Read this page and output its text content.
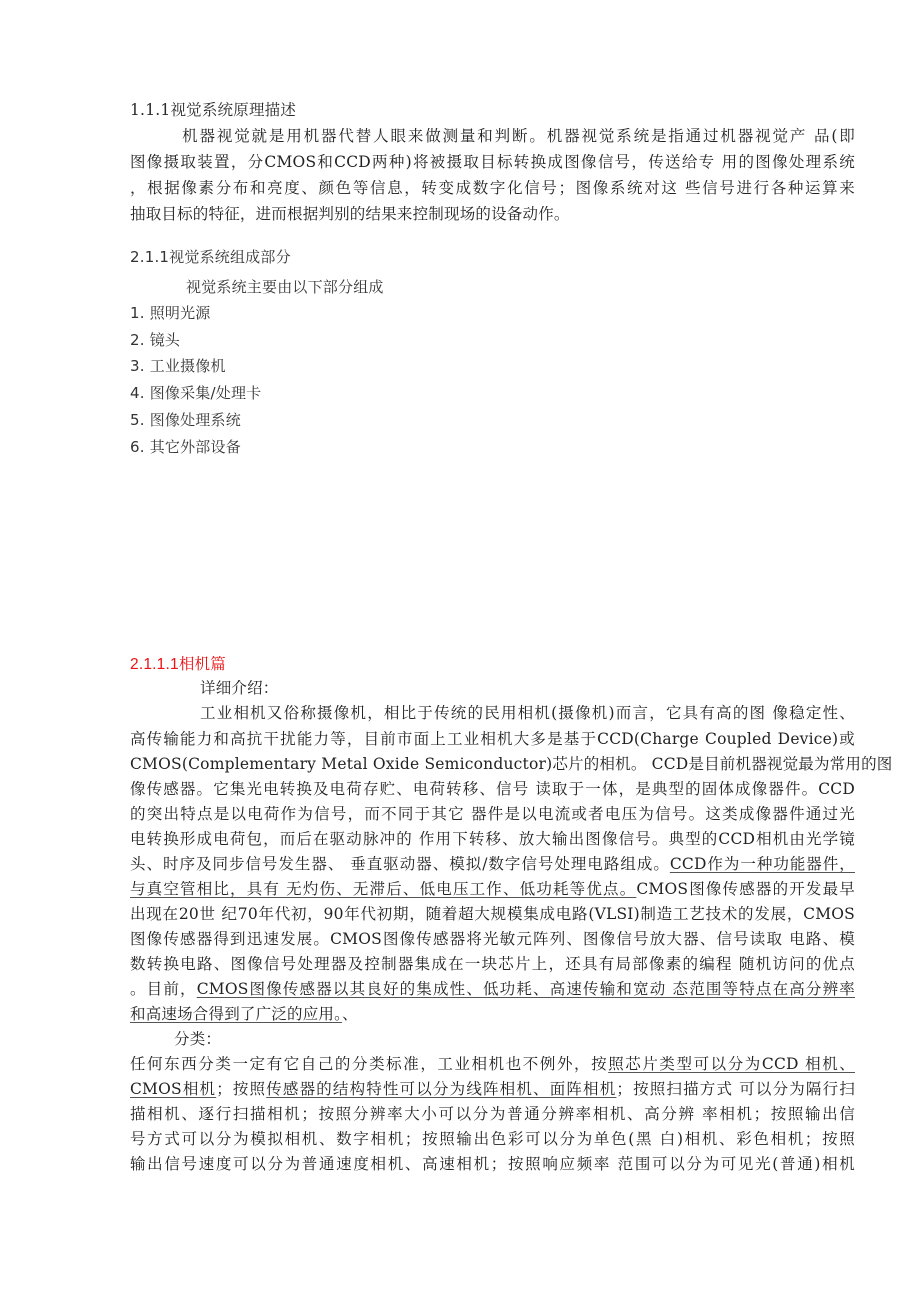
1.1.1视觉系统原理描述
　　　机器视觉就是用机器代替人眼来做测量和判断。机器视觉系统是指通过机器视觉产 品(即
图像摄取装置，分CMOS和CCD两种)将被摄取目标转换成图像信号，传送给专 用的图像处理系统
，根据像素分布和亮度、颜色等信息，转变成数字化信号；图像系统对这 些信号进行各种运算来
抽取目标的特征，进而根据判别的结果来控制现场的设备动作。
2.1.1视觉系统组成部分
视觉系统主要由以下部分组成
1. 照明光源
2. 镜头
3. 工业摄像机
4. 图像采集/处理卡
5. 图像处理系统
6. 其它外部设备
2.1.1.1相机篇
详细介绍：
工业相机又俗称摄像机，相比于传统的民用相机(摄像机)而言，它具有高的图 像稳定性、
高传输能力和高抗干扰能力等，目前市面上工业相机大多是基于CCD(Charge Coupled Device)或
CMOS(Complementary Metal Oxide Semiconductor)芯片的相机。 CCD是目前机器视觉最为常用的图
像传感器。它集光电转换及电荷存贮、电荷转移、信号 读取于一体，是典型的固体成像器件。CCD
的突出特点是以电荷作为信号，而不同于其它 器件是以电流或者电压为信号。这类成像器件通过光
电转换形成电荷包，而后在驱动脉冲的 作用下转移、放大输出图像信号。典型的CCD相机由光学镜
头、时序及同步信号发生器、 垂直驱动器、模拟/数字信号处理电路组成。CCD作为一种功能器件，
与真空管相比，具有 无灼伤、无滞后、低电压工作、低功耗等优点。CMOS图像传感器的开发最早
出现在20世 纪70年代初，90年代初期，随着超大规模集成电路(VLSI)制造工艺技术的发展，CMOS
图像传感器得到迅速发展。CMOS图像传感器将光敏元阵列、图像信号放大器、信号读取 电路、模
数转换电路、图像信号处理器及控制器集成在一块芯片上，还具有局部像素的编程 随机访问的优点
。目前，CMOS图像传感器以其良好的集成性、低功耗、高速传输和宽动 态范围等特点在高分辨率
和高速场合得到了广泛的应用。、
分类：
任何东西分类一定有它自己的分类标准，工业相机也不例外，按照芯片类型可以分为CCD 相机、
CMOS相机；按照传感器的结构特性可以分为线阵相机、面阵相机；按照扫描方式 可以分为隔行扫
描相机、逐行扫描相机；按照分辨率大小可以分为普通分辨率相机、高分辨 率相机；按照输出信
号方式可以分为模拟相机、数字相机；按照输出色彩可以分为单色(黑 白)相机、彩色相机；按照
输出信号速度可以分为普通速度相机、高速相机；按照响应频率 范围可以分为可见光(普通)相机
